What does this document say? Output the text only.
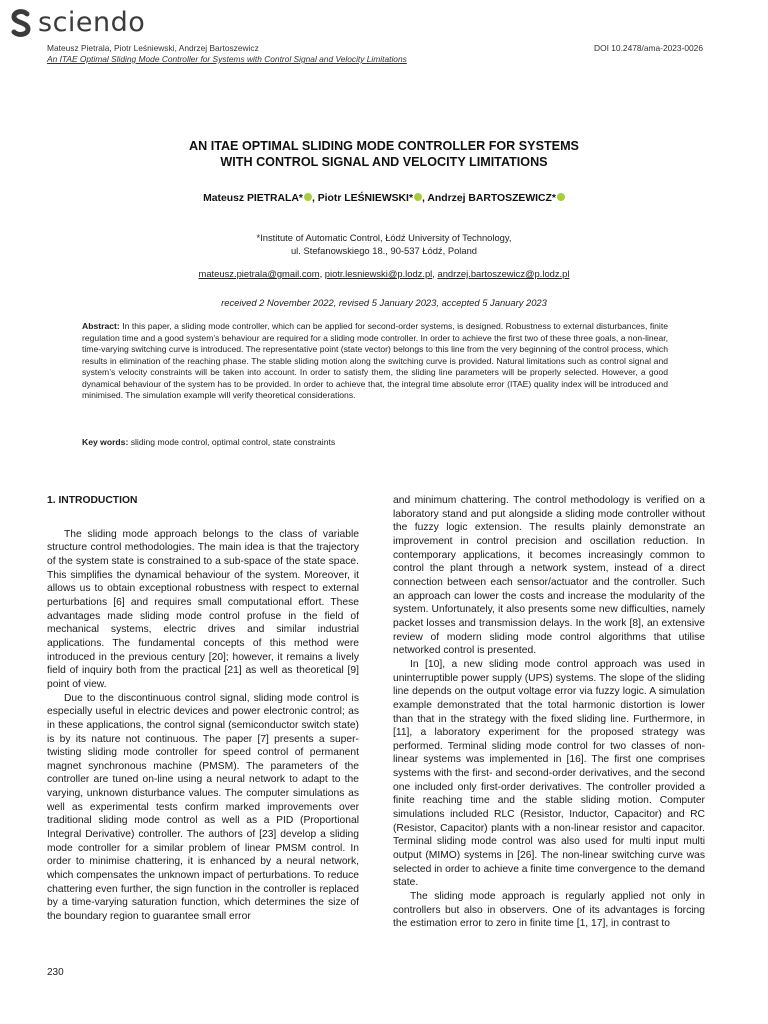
sciendo
Mateusz Pietrala, Piotr Leśniewski, Andrzej Bartoszewicz
An ITAE Optimal Sliding Mode Controller for Systems with Control Signal and Velocity Limitations
DOI 10.2478/ama-2023-0026
AN ITAE OPTIMAL SLIDING MODE CONTROLLER FOR SYSTEMS
WITH CONTROL SIGNAL AND VELOCITY LIMITATIONS
Mateusz PIETRALA* , Piotr LEŚNIEWSKI* , Andrzej BARTOSZEWICZ*
*Institute of Automatic Control, Łódź University of Technology,
ul. Stefanowskiego 18., 90-537 Łódź, Poland
mateusz.pietrala@gmail.com, piotr.lesniewski@p.lodz.pl, andrzej.bartoszewicz@p.lodz.pl
received 2 November 2022, revised 5 January 2023, accepted 5 January 2023
Abstract: In this paper, a sliding mode controller, which can be applied for second-order systems, is designed. Robustness to external disturbances, finite regulation time and a good system’s behaviour are required for a sliding mode controller. In order to achieve the first two of these three goals, a non-linear, time-varying switching curve is introduced. The representative point (state vector) belongs to this line from the very beginning of the control process, which results in elimination of the reaching phase. The stable sliding motion along the switching curve is provided. Natural limitations such as control signal and system’s velocity constraints will be taken into account. In order to satisfy them, the sliding line parameters will be properly selected. However, a good dynamical behaviour of the system has to be provided. In order to achieve that, the integral time absolute error (ITAE) quality index will be introduced and minimised. The simulation example will verify theoretical considerations.
Key words: sliding mode control, optimal control, state constraints
1. INTRODUCTION

The sliding mode approach belongs to the class of variable structure control methodologies. The main idea is that the trajectory of the system state is constrained to a sub-space of the state space. This simplifies the dynamical behaviour of the system. Moreover, it allows us to obtain exceptional robustness with respect to external perturbations [6] and requires small computational effort. These advantages made sliding mode control profuse in the field of mechanical systems, electric drives and similar industrial applications. The fundamental concepts of this method were introduced in the previous century [20]; however, it remains a lively field of inquiry both from the practical [21] as well as theoretical [9] point of view.

Due to the discontinuous control signal, sliding mode control is especially useful in electric devices and power electronic control; as in these applications, the control signal (semiconductor switch state) is by its nature not continuous. The paper [7] presents a super-twisting sliding mode controller for speed control of permanent magnet synchronous machine (PMSM). The parameters of the controller are tuned on-line using a neural network to adapt to the varying, unknown disturbance values. The computer simulations as well as experimental tests confirm marked improvements over traditional sliding mode control as well as a PID (Proportional Integral Derivative) controller. The authors of [23] develop a sliding mode controller for a similar problem of linear PMSM control. In order to minimise chattering, it is enhanced by a neural network, which compensates the unknown impact of perturbations. To reduce chattering even further, the sign function in the controller is replaced by a time-varying saturation function, which determines the size of the boundary region to guarantee small error

and minimum chattering. The control methodology is verified on a laboratory stand and put alongside a sliding mode controller without the fuzzy logic extension. The results plainly demonstrate an improvement in control precision and oscillation reduction. In contemporary applications, it becomes increasingly common to control the plant through a network system, instead of a direct connection between each sensor/actuator and the controller. Such an approach can lower the costs and increase the modularity of the system. Unfortunately, it also presents some new difficulties, namely packet losses and transmission delays. In the work [8], an extensive review of modern sliding mode control algorithms that utilise networked control is presented.

In [10], a new sliding mode control approach was used in uninterruptible power supply (UPS) systems. The slope of the sliding line depends on the output voltage error via fuzzy logic. A simulation example demonstrated that the total harmonic distortion is lower than that in the strategy with the fixed sliding line. Furthermore, in [11], a laboratory experiment for the proposed strategy was performed. Terminal sliding mode control for two classes of non-linear systems was implemented in [16]. The first one comprises systems with the first- and second-order derivatives, and the second one included only first-order derivatives. The controller provided a finite reaching time and the stable sliding motion. Computer simulations included RLC (Resistor, Inductor, Capacitor) and RC (Resistor, Capacitor) plants with a non-linear resistor and capacitor. Terminal sliding mode control was also used for multi input multi output (MIMO) systems in [26]. The non-linear switching curve was selected in order to achieve a finite time convergence to the demand state.

The sliding mode approach is regularly applied not only in controllers but also in observers. One of its advantages is forcing the estimation error to zero in finite time [1, 17], in contrast to

230
